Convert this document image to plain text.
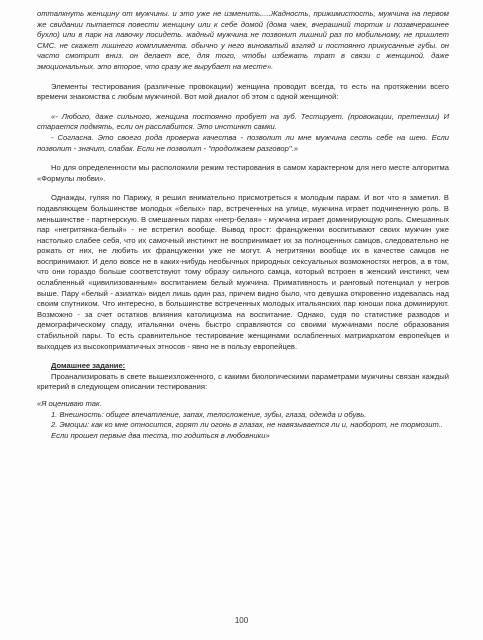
отталкнуть женщину от мужчины. и это уже не изменить.....Жадность, прижимистость, мужчина на первом же свидании пытается повести женщину или к себе домой (дома чаек, вчерашний тортик и позавчерашнее бухло) или в парк на лавочку посидеть. жадный мужчина не позвонит лишний раз по мобильному, не пришлет СМС. не скажет лишнего комплимента. обычно у него виноватый взгляд и постоянно прикусанные губы. он часто смотрит вниз. он делает все, для того, чтобы избежать трат в связи с женщиной. даже эмоциональных. это второе, что сразу же вырубает на месте».

Элементы тестирования (различные провокации) женщина проводит всегда, то есть на протяжении всего времени знакомства с любым мужчиной. Вот мой диалог об этом с одной женщиной:

«- Любого, даже сильного, женщина постоянно пробует на зуб. Тестирует. (провокации, претензии) И старается подмять, если он расслабится. Это инстинкт самки.

- Согласна. Это своего рода проверка качества - позволит ли мне мужчина сесть себе на шею. Если позволит - значит, слабак. Если не позволит - "продолжаем разговор".»

Но для определенности мы расположили режим тестирования в самом характерном для него месте алгоритма «Формулы любви».

Однажды, гуляя по Парижу, я решил внимательно присмотреться к молодым парам. И вот что я заметил. В подавляющем большинстве молодых «белых» пар, встреченных на улице, мужчина играет подчиненную роль. В меньшинстве - партнерскую. В смешанных парах «негр-белая» - мужчина играет доминирующую роль. Смешанных пар «негритянка-белый» - не встретил вообще. Вывод прост: француженки воспитывают своих мужчин уже настолько слабее себя, что их самочный инстинкт не воспринимает их за полноценных самцов, следовательно не рожать от них, не любить их француженки уже не могут. А негритянки вообще их в качестве самцов не воспринимают. И дело вовсе не в каких-нибудь необычных природных сексуальных возможностях негров, а в том, что они гораздо больше соответствуют тому образу сильного самца, который встроен в женский инстинкт, чем ослабленный «цивилизованным» воспитанием белый мужчина. Примативность и ранговый потенциал у негров выше. Пару «белый - азиатка» видел лишь один раз, причем видно было, что девушка откровенно издевалась над своим спутником. Что интересно, в большинстве встреченных молодых итальянских пар юноши пока доминируют. Возможно - за счет остатков влияния католицизма на воспитание. Однако, судя по статистике разводов и демографическому спаду, итальянки очень быстро справляются со своими мужчинами после образования стабильной пары. То есть сравнительное тестирование женщинами ослабленных матриархатом европейцев и выходцев из высокоприматичных этносов - явно не в пользу европейцев.

Домашнее задание:

Проанализировать в свете вышеизложенного, с какими биологическими параметрами мужчины связан каждый критерий в следующем описании тестирования:

«Я оцениваю так.

1. Внешность: общее впечатление, запах, телосложение, зубы, глаза, одежда и обувь.

2. Эмоции: как ко мне относится, горят ли огонь в глазах, не навязывается ли и, наоборот, не тормозит..

Если прошел первые два теста, то годиться в любовники»

100
